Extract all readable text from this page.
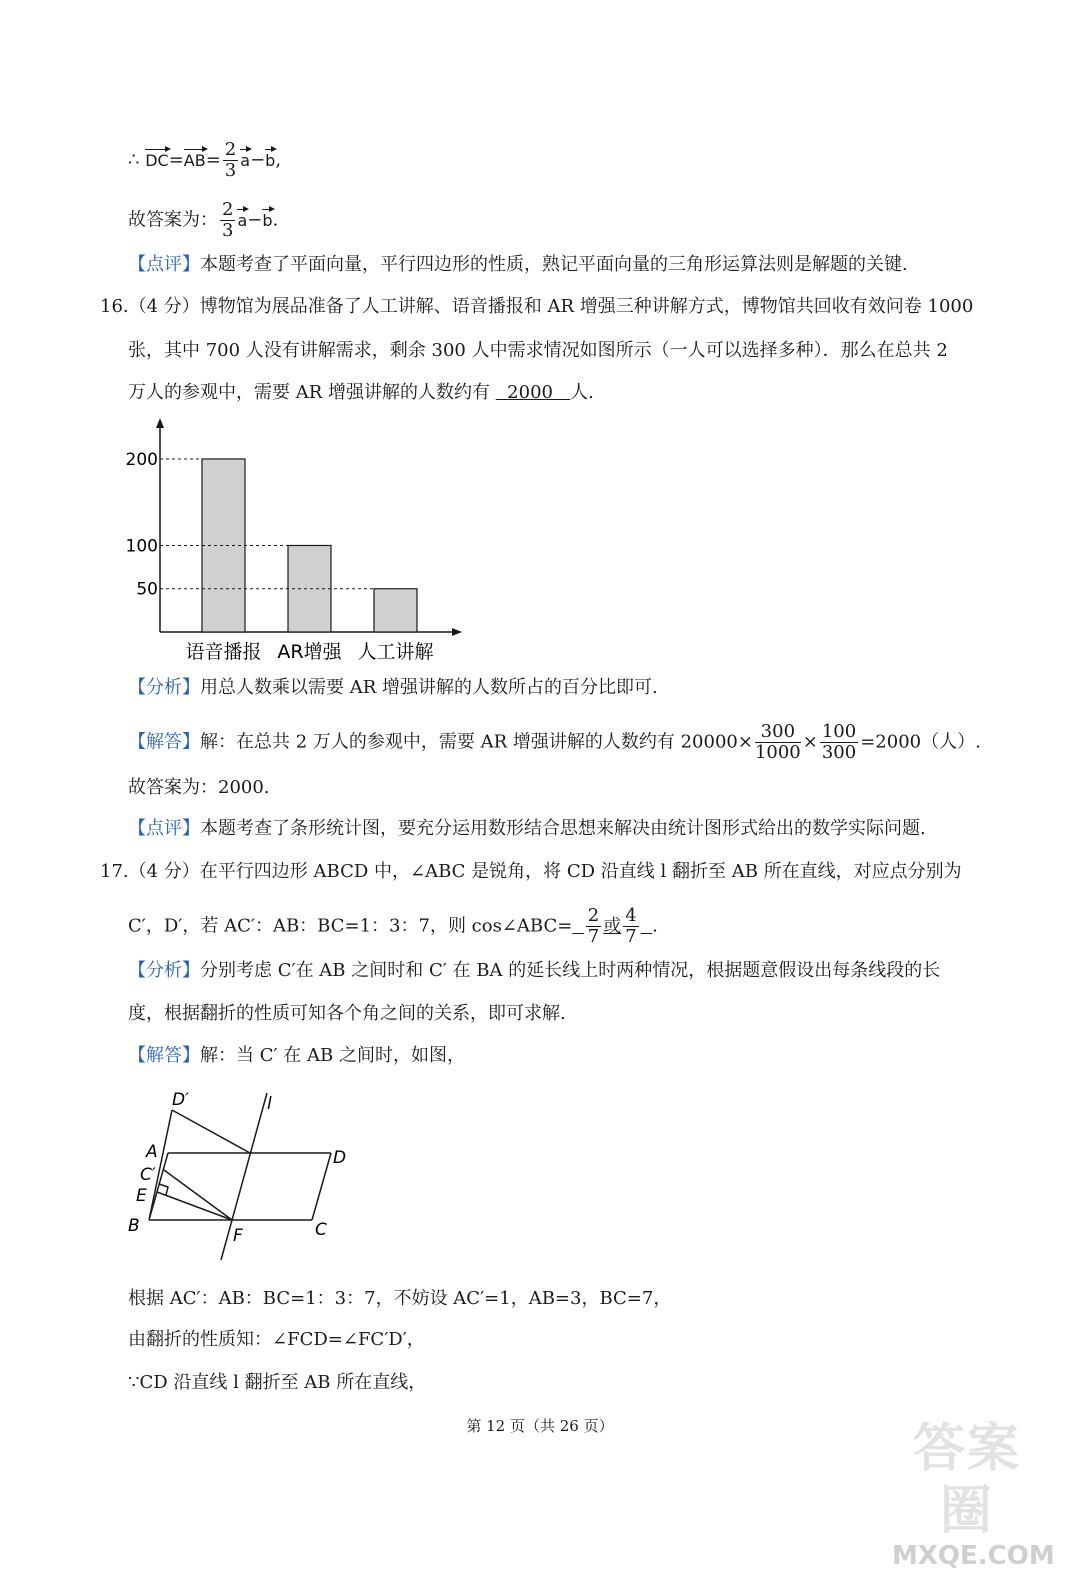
∴ $DC=AB= \frac{2}{3} a-b$,
故答案为： $\frac{2}{3} a-b$.
【点评】本题考查了平面向量，平行四边形的性质，熟记平面向量的三角形运算法则是解题的关键.
16.（4 分）博物馆为展品准备了人工讲解、语音播报和 AR 增强三种讲解方式，博物馆共回收有效问卷 1000
张，其中 700 人没有讲解需求，剩余 300 人中需求情况如图所示（一人可以选择多种）．那么在总共 2
万人的参观中，需要 AR 增强讲解的人数约有   2000 人.
200
语音播报
100
AR增强
50
人工讲解
【分析】用总人数乘以需要 AR 增强讲解的人数所占的百分比即可.
【解答】解：在总共 2 万人的参观中，需要 AR 增强讲解的人数约有 $20000\times \frac{300}{1000} \times \frac{100}{300} =2000$（人）.
故答案为：2000.
【点评】本题考查了条形统计图，要充分运用数形结合思想来解决由统计图形式给出的数学实际问题.
17.（4 分）在平行四边形 ABCD 中，∠ABC 是锐角，将 CD 沿直线 l 翻折至 AB 所在直线，对应点分别为
C′，D′，若 AC′：AB：BC=1：3：7，则 cos∠ABC= $\frac{2}{7}$ 或 $\frac{4}{7}$ .
【分析】分别考虑 C′在 AB 之间时和 C′ 在 BA 的延长线上时两种情况，根据题意假设出每条线段的长
度，根据翻折的性质可知各个角之间的关系，即可求解.
【解答】解：当 C′ 在 AB 之间时，如图，
D′	l
A	D
C′
E
B	F	C
根据 AC′：AB：BC=1：3：7，不妨设 AC′=1，AB=3，BC=7，
由翻折的性质知：∠FCD=∠FC′D′，
∵CD 沿直线 l 翻折至 AB 所在直线，
第 12 页（共 26 页）	答案圈
MXQE.COM
